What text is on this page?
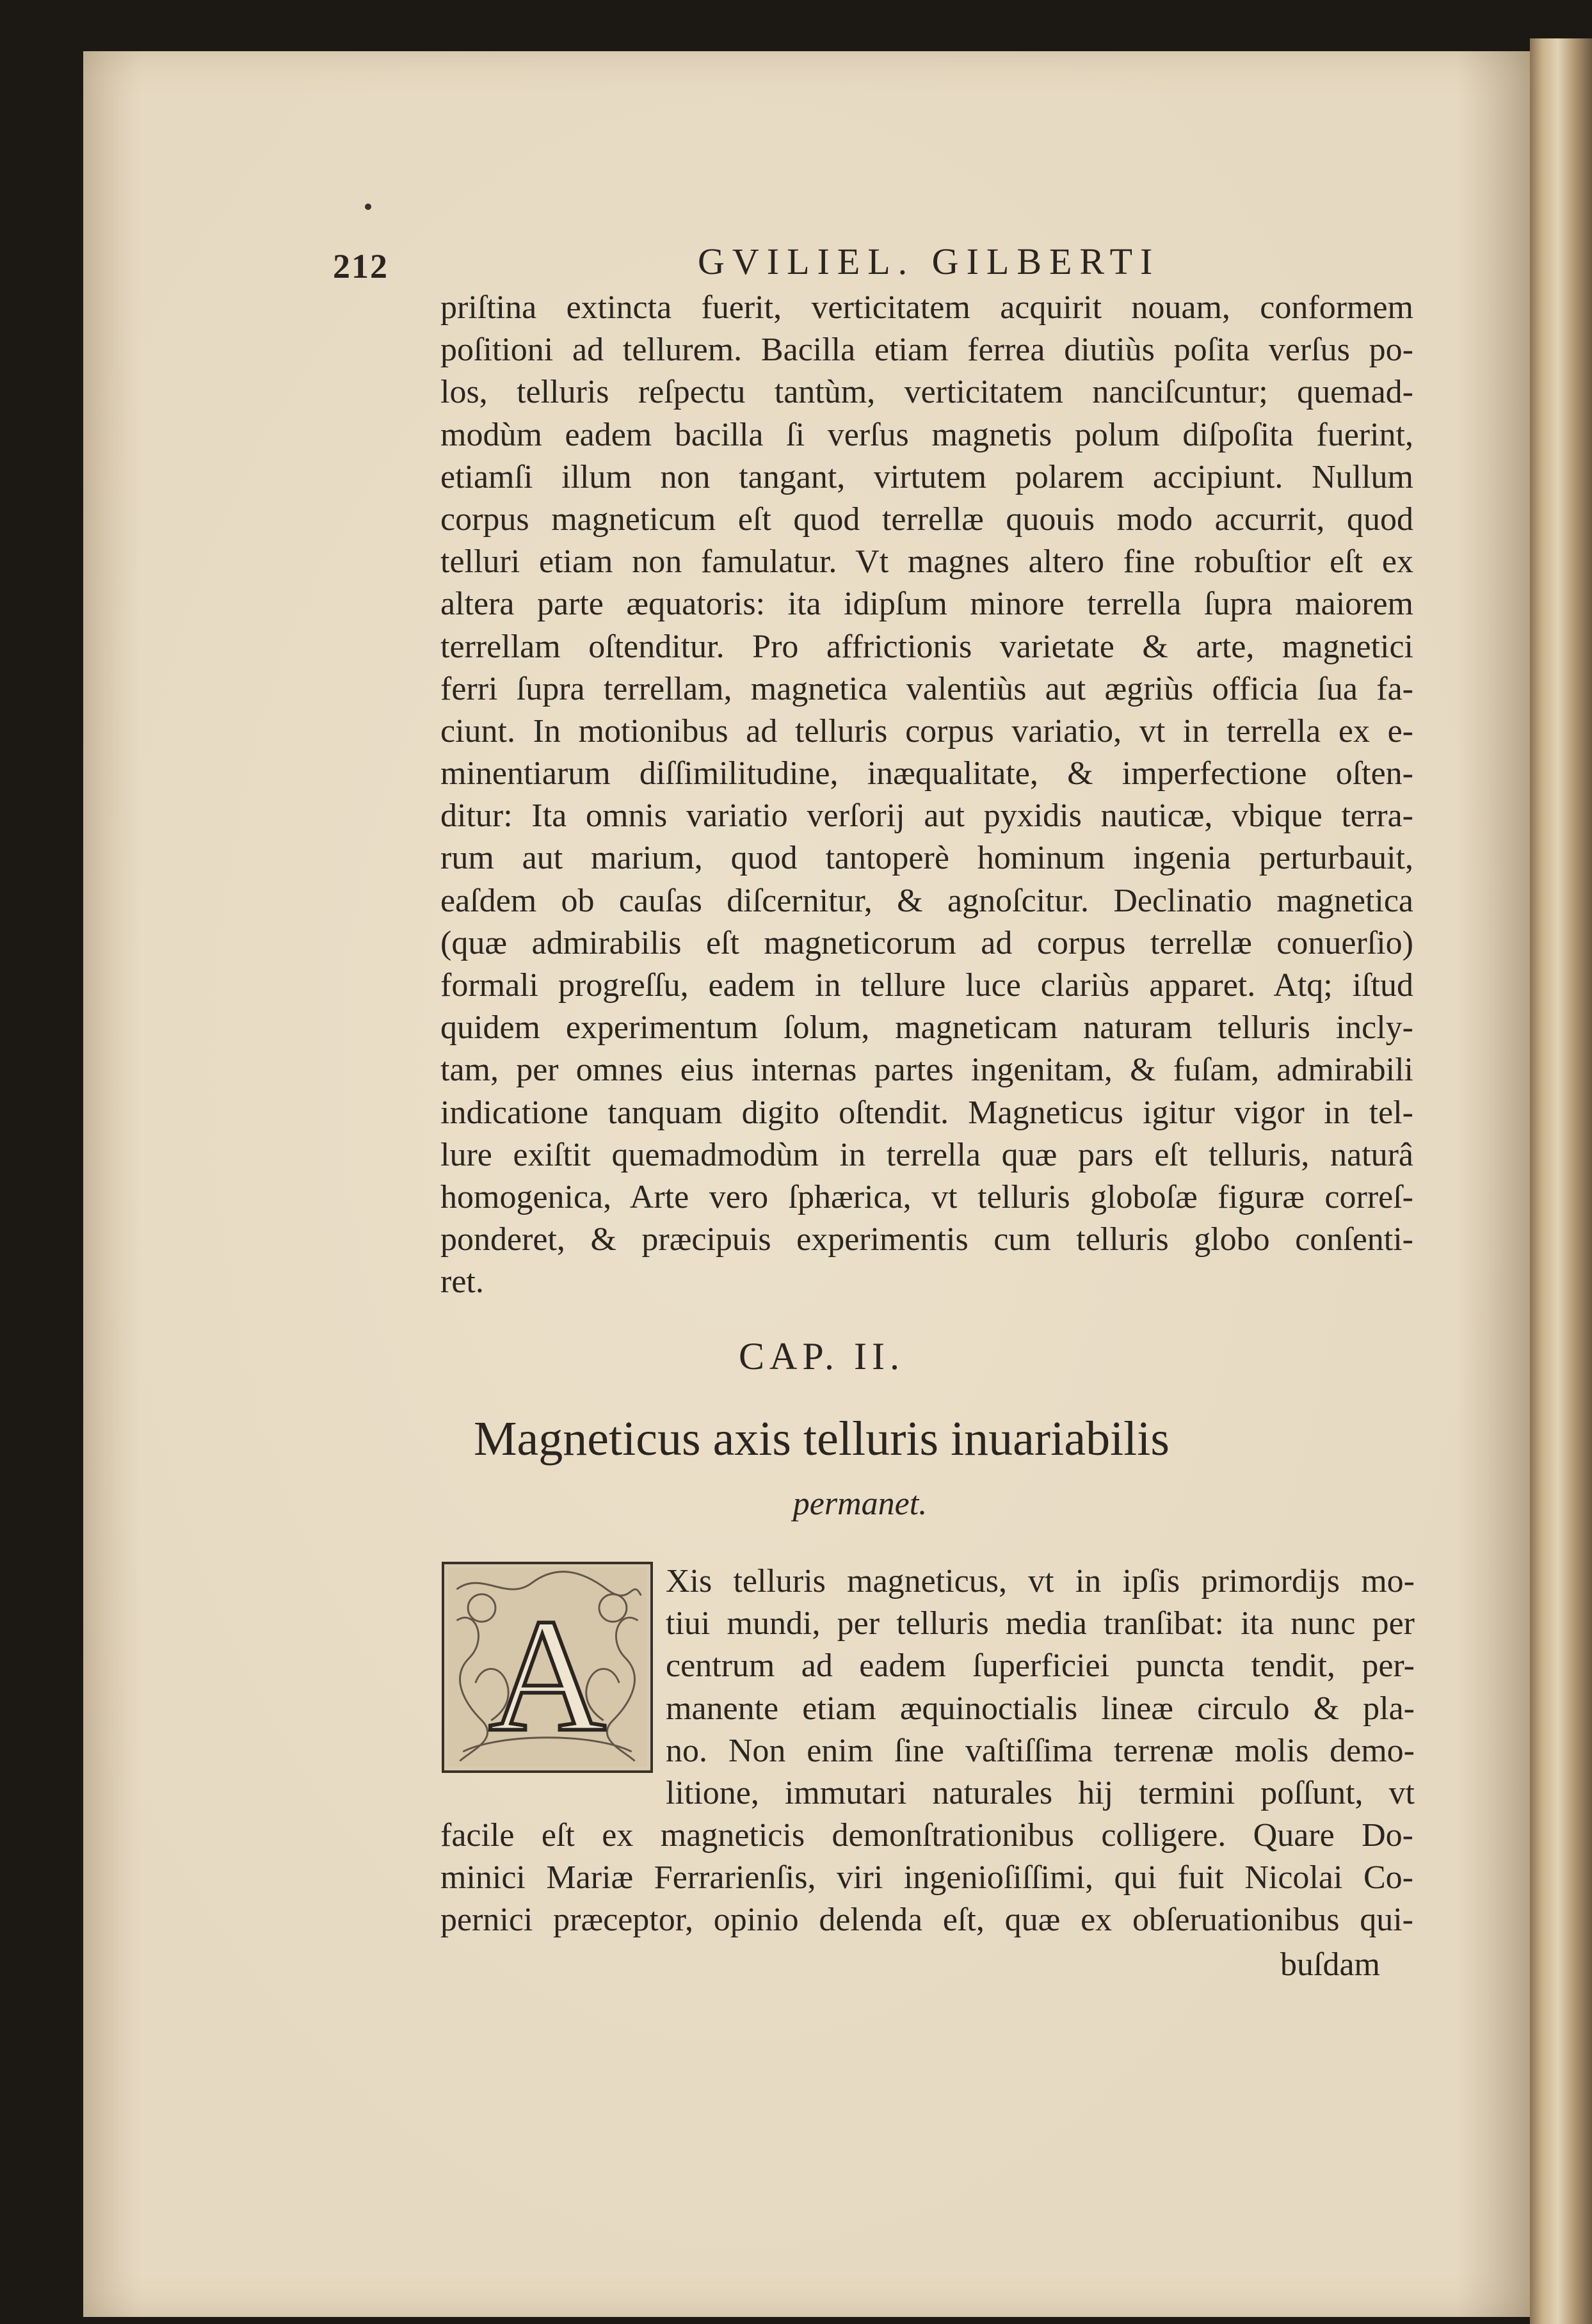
212	GVILIEL. GILBERTI
priſtina extincta fuerit, verticitatem acquirit nouam, conformem
poſitioni ad tellurem. Bacilla etiam ferrea diutiùs poſita verſus po-
los, telluris reſpectu tantùm, verticitatem nanciſcuntur; quemad-
modùm eadem bacilla ſi verſus magnetis polum diſpoſita fuerint,
etiamſi illum non tangant, virtutem polarem accipiunt. Nullum
corpus magneticum eſt quod terrellæ quouis modo accurrit, quod
telluri etiam non famulatur. Vt magnes altero fine robuſtior eſt ex
altera parte æquatoris: ita idipſum minore terrella ſupra maiorem
terrellam oſtenditur. Pro affrictionis varietate & arte, magnetici
ferri ſupra terrellam, magnetica valentiùs aut ægriùs officia ſua fa-
ciunt. In motionibus ad telluris corpus variatio, vt in terrella ex e-
minentiarum diſſimilitudine, inæqualitate, & imperfectione oſten-
ditur: Ita omnis variatio verſorij aut pyxidis nauticæ, vbique terra-
rum aut marium, quod tantoperè hominum ingenia perturbauit,
eaſdem ob cauſas diſcernitur, & agnoſcitur. Declinatio magnetica
(quæ admirabilis eſt magneticorum ad corpus terrellæ conuerſio)
formali progreſſu, eadem in tellure luce clariùs apparet. Atq; iſtud
quidem experimentum ſolum, magneticam naturam telluris incly-
tam, per omnes eius internas partes ingenitam, & fuſam, admirabili
indicatione tanquam digito oſtendit. Magneticus igitur vigor in tel-
lure exiſtit quemadmodùm in terrella quæ pars eſt telluris, naturâ
homogenica, Arte vero ſphærica, vt telluris globoſæ figuræ correſ-
ponderet, & præcipuis experimentis cum telluris globo conſenti-
ret.
CAP. II.
Magneticus axis telluris inuariabilis
permanet.
A
Xis telluris magneticus, vt in ipſis primordijs mo-
tiui mundi, per telluris media tranſibat: ita nunc per
centrum ad eadem ſuperficiei puncta tendit, per-
manente etiam æquinoctialis lineæ circulo & pla-
no. Non enim ſine vaſtiſſima terrenæ molis demo-
litione, immutari naturales hij termini poſſunt, vt
facile eſt ex magneticis demonſtrationibus colligere. Quare Do-
minici Mariæ Ferrarienſis, viri ingenioſiſſimi, qui fuit Nicolai Co-
pernici præceptor, opinio delenda eſt, quæ ex obſeruationibus qui-
buſdam
